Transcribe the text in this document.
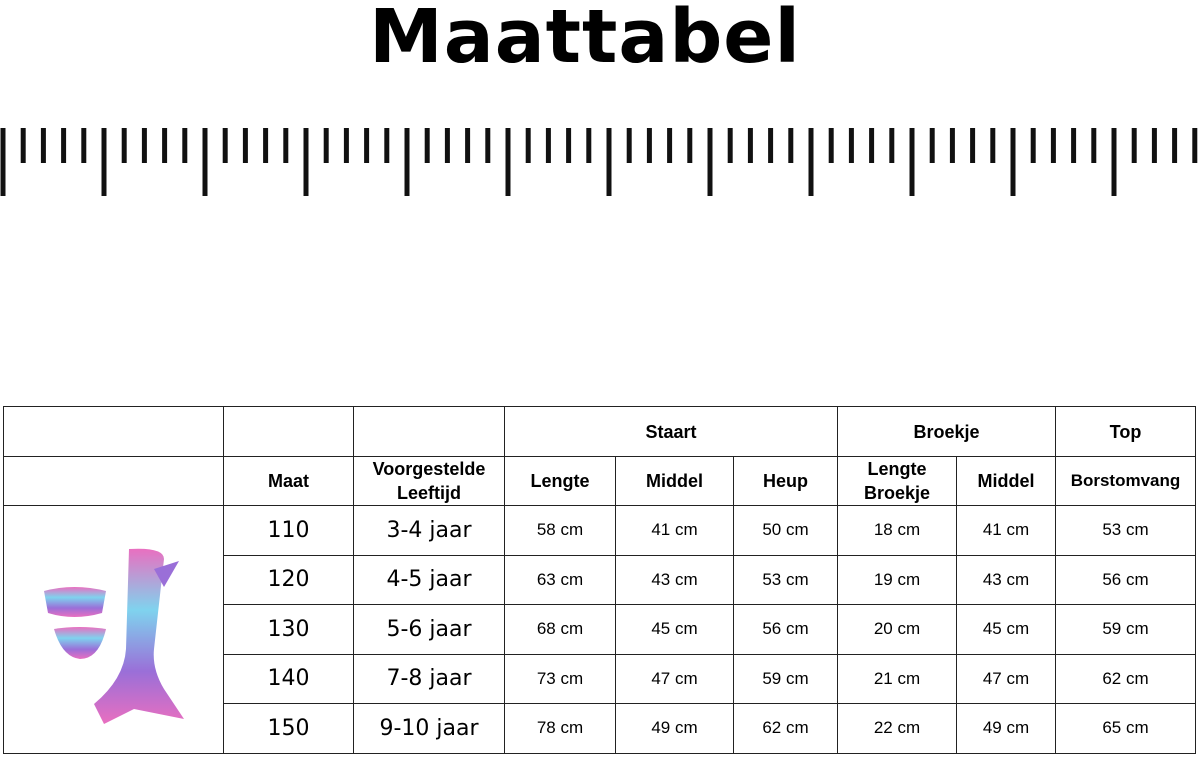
Maattabel
			Staart			Broekje		Top
	Maat	Voorgestelde Leeftijd	Lengte	Middel	Heup	Lengte Broekje	Middel	Borstomvang

	110	3-4 jaar	58 cm	41 cm	50 cm	18 cm	41 cm	53 cm
	120	4-5 jaar	63 cm	43 cm	53 cm	19 cm	43 cm	56 cm
	130	5-6 jaar	68 cm	45 cm	56 cm	20 cm	45 cm	59 cm
	140	7-8 jaar	73 cm	47 cm	59 cm	21 cm	47 cm	62 cm
	150	9-10 jaar	78 cm	49 cm	62 cm	22 cm	49 cm	65 cm
